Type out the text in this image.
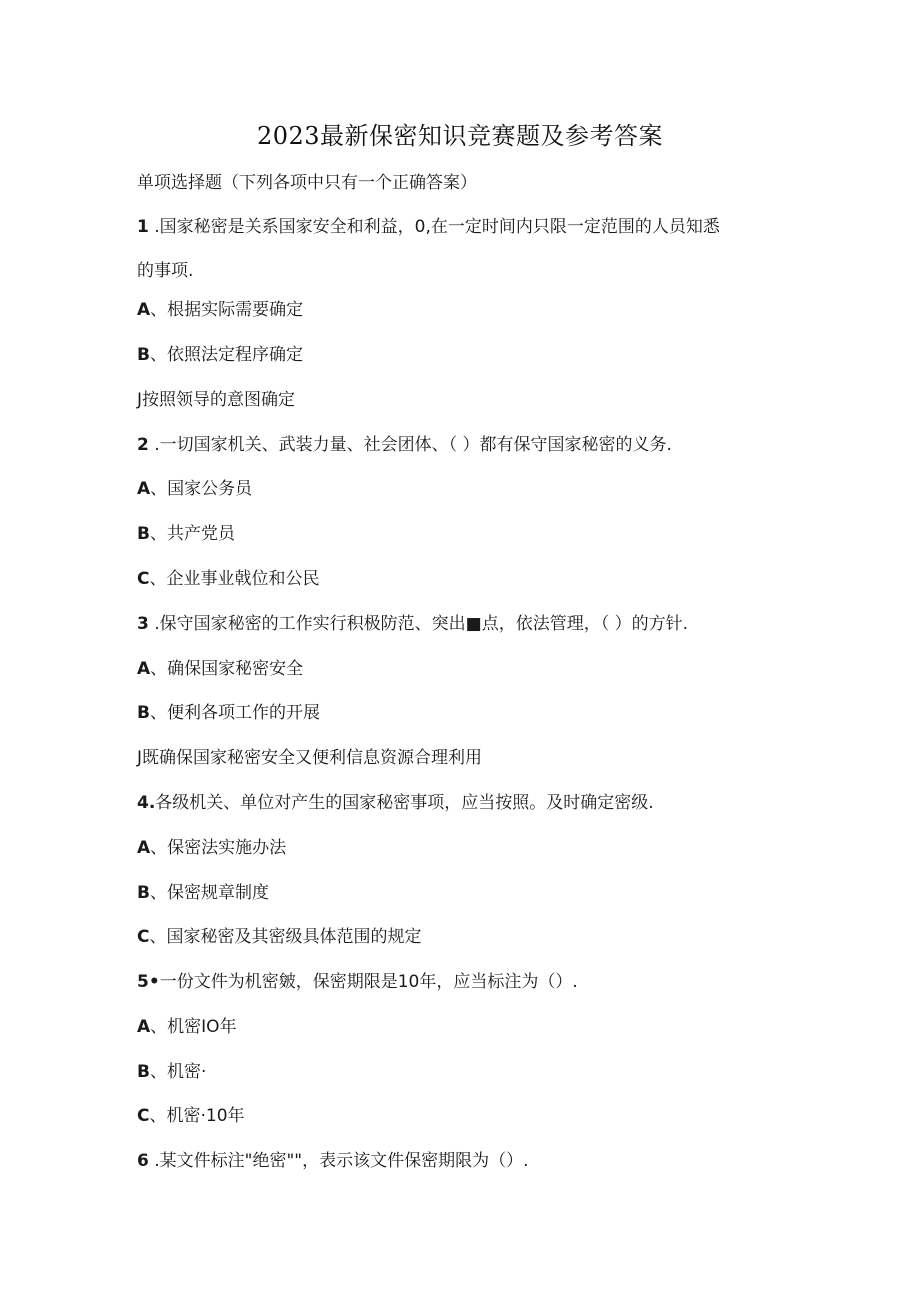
2023最新保密知识竞赛题及参考答案
单项选择题（下列各项中只有一个正确答案）
1 .国家秘密是关系国家安全和利益，0,在一定时间内只限一定范围的人员知悉
的事项.
A、根据实际需要确定
B、依照法定程序确定
J按照领导的意图确定
2 .一切国家机关、武装力量、社会团体、（ ）都有保守国家秘密的义务.
A、国家公务员
B、共产党员
C、企业事业戟位和公民
3 .保守国家秘密的工作实行积极防范、突出■点，依法管理，（ ）的方针.
A、确保国家秘密安全
B、便利各项工作的开展
J既确保国家秘密安全又便利信息资源合理利用
4.各级机关、单位对产生的国家秘密事项，应当按照。及时确定密级.
A、保密法实施办法
B、保密规章制度
C、国家秘密及其密级具体范围的规定
5•一份文件为机密皴，保密期限是10年，应当标注为（）.
A、机密IO年
B、机密·
C、机密·10年
6 .某文件标注"绝密""，表示该文件保密期限为（）.
